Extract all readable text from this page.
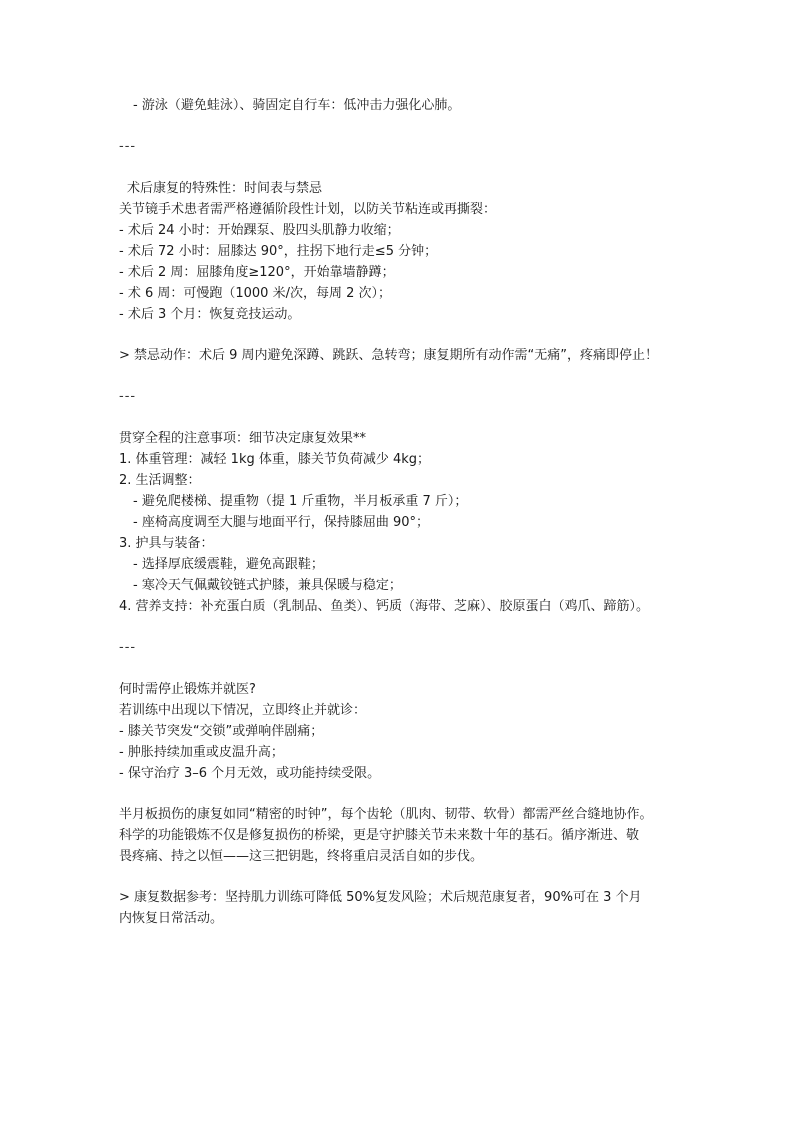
- 游泳（避免蛙泳）、骑固定自行车：低冲击力强化心肺。
---
术后康复的特殊性：时间表与禁忌
关节镜手术患者需严格遵循阶段性计划，以防关节粘连或再撕裂：
- 术后 24 小时：开始踝泵、股四头肌静力收缩；
- 术后 72 小时：屈膝达 90°，拄拐下地行走≤5 分钟；
- 术后 2 周：屈膝角度≥120°，开始靠墙静蹲；
- 术 6 周：可慢跑（1000 米/次，每周 2 次）；
- 术后 3 个月：恢复竞技运动。
> 禁忌动作：术后 9 周内避免深蹲、跳跃、急转弯；康复期所有动作需“无痛”，疼痛即停止！
---
贯穿全程的注意事项：细节决定康复效果**
1. 体重管理：减轻 1kg 体重，膝关节负荷减少 4kg；
2. 生活调整：
- 避免爬楼梯、提重物（提 1 斤重物，半月板承重 7 斤）；
- 座椅高度调至大腿与地面平行，保持膝屈曲 90°；
3. 护具与装备：
- 选择厚底缓震鞋，避免高跟鞋；
- 寒冷天气佩戴铰链式护膝，兼具保暖与稳定；
4. 营养支持：补充蛋白质（乳制品、鱼类）、钙质（海带、芝麻）、胶原蛋白（鸡爪、蹄筋）。
---
何时需停止锻炼并就医?
若训练中出现以下情况，立即终止并就诊：
- 膝关节突发“交锁”或弹响伴剧痛；
- 肿胀持续加重或皮温升高；
- 保守治疗 3–6 个月无效，或功能持续受限。
半月板损伤的康复如同“精密的时钟”，每个齿轮（肌肉、韧带、软骨）都需严丝合缝地协作。
科学的功能锻炼不仅是修复损伤的桥梁，更是守护膝关节未来数十年的基石。循序渐进、敬
畏疼痛、持之以恒——这三把钥匙，终将重启灵活自如的步伐。
> 康复数据参考：坚持肌力训练可降低 50%复发风险；术后规范康复者，90%可在 3 个月
内恢复日常活动。
